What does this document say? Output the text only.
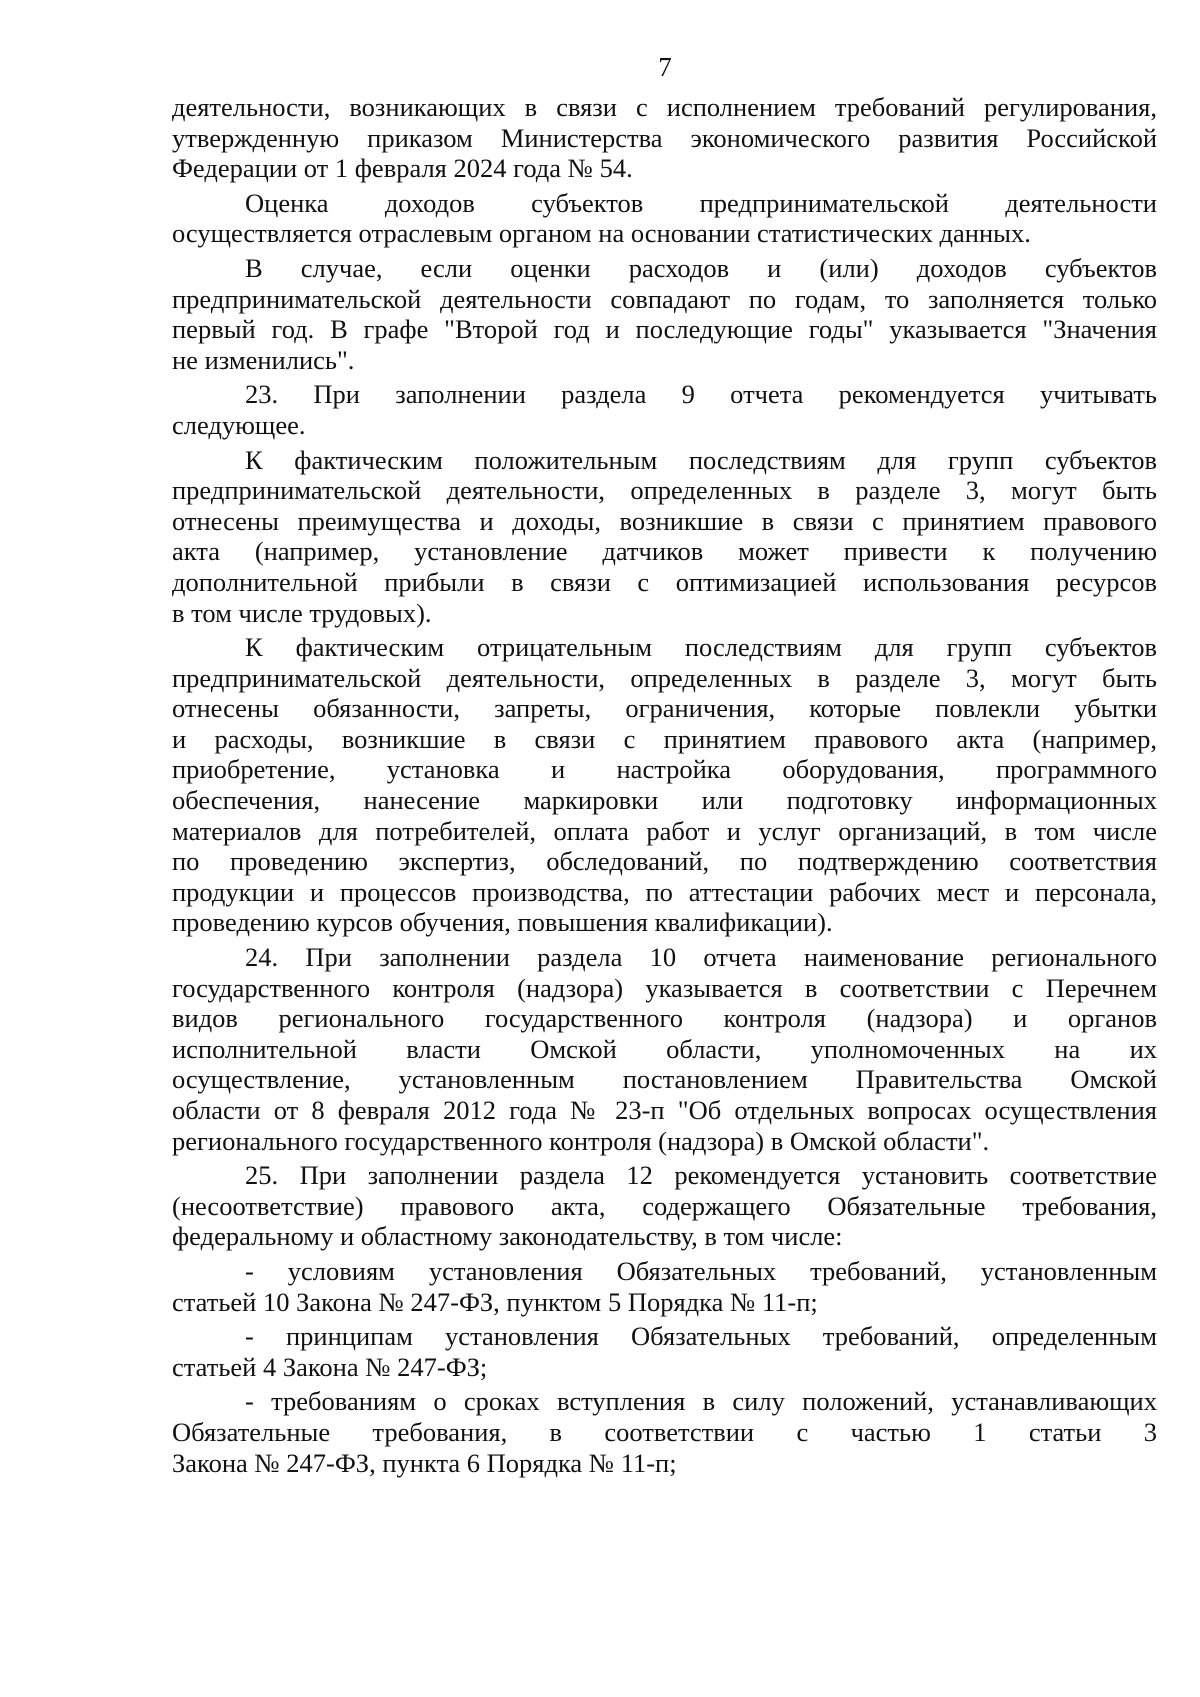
7
деятельности, возникающих в связи с исполнением требований регулирования,
утвержденную приказом Министерства экономического развития Российской
Федерации от 1 февраля 2024 года № 54.
Оценка доходов субъектов предпринимательской деятельности
осуществляется отраслевым органом на основании статистических данных.
В случае, если оценки расходов и (или) доходов субъектов
предпринимательской деятельности совпадают по годам, то заполняется только
первый год. В графе "Второй год и последующие годы" указывается "Значения
не изменились".
23. При заполнении раздела 9 отчета рекомендуется учитывать
следующее.
К фактическим положительным последствиям для групп субъектов
предпринимательской деятельности, определенных в разделе 3, могут быть
отнесены преимущества и доходы, возникшие в связи с принятием правового
акта (например, установление датчиков может привести к получению
дополнительной прибыли в связи с оптимизацией использования ресурсов
в том числе трудовых).
К фактическим отрицательным последствиям для групп субъектов
предпринимательской деятельности, определенных в разделе 3, могут быть
отнесены обязанности, запреты, ограничения, которые повлекли убытки
и расходы, возникшие в связи с принятием правового акта (например,
приобретение, установка и настройка оборудования, программного
обеспечения, нанесение маркировки или подготовку информационных
материалов для потребителей, оплата работ и услуг организаций, в том числе
по проведению экспертиз, обследований, по подтверждению соответствия
продукции и процессов производства, по аттестации рабочих мест и персонала,
проведению курсов обучения, повышения квалификации).
24. При заполнении раздела 10 отчета наименование регионального
государственного контроля (надзора) указывается в соответствии с Перечнем
видов регионального государственного контроля (надзора) и органов
исполнительной власти Омской области, уполномоченных на их
осуществление, установленным постановлением Правительства Омской
области от 8 февраля 2012 года № 23-п "Об отдельных вопросах осуществления
регионального государственного контроля (надзора) в Омской области".
25. При заполнении раздела 12 рекомендуется установить соответствие
(несоответствие) правового акта, содержащего Обязательные требования,
федеральному и областному законодательству, в том числе:
- условиям установления Обязательных требований, установленным
статьей 10 Закона № 247-ФЗ, пунктом 5 Порядка № 11-п;
- принципам установления Обязательных требований, определенным
статьей 4 Закона № 247-ФЗ;
- требованиям о сроках вступления в силу положений, устанавливающих
Обязательные требования, в соответствии с частью 1 статьи 3
Закона № 247-ФЗ, пункта 6 Порядка № 11-п;
